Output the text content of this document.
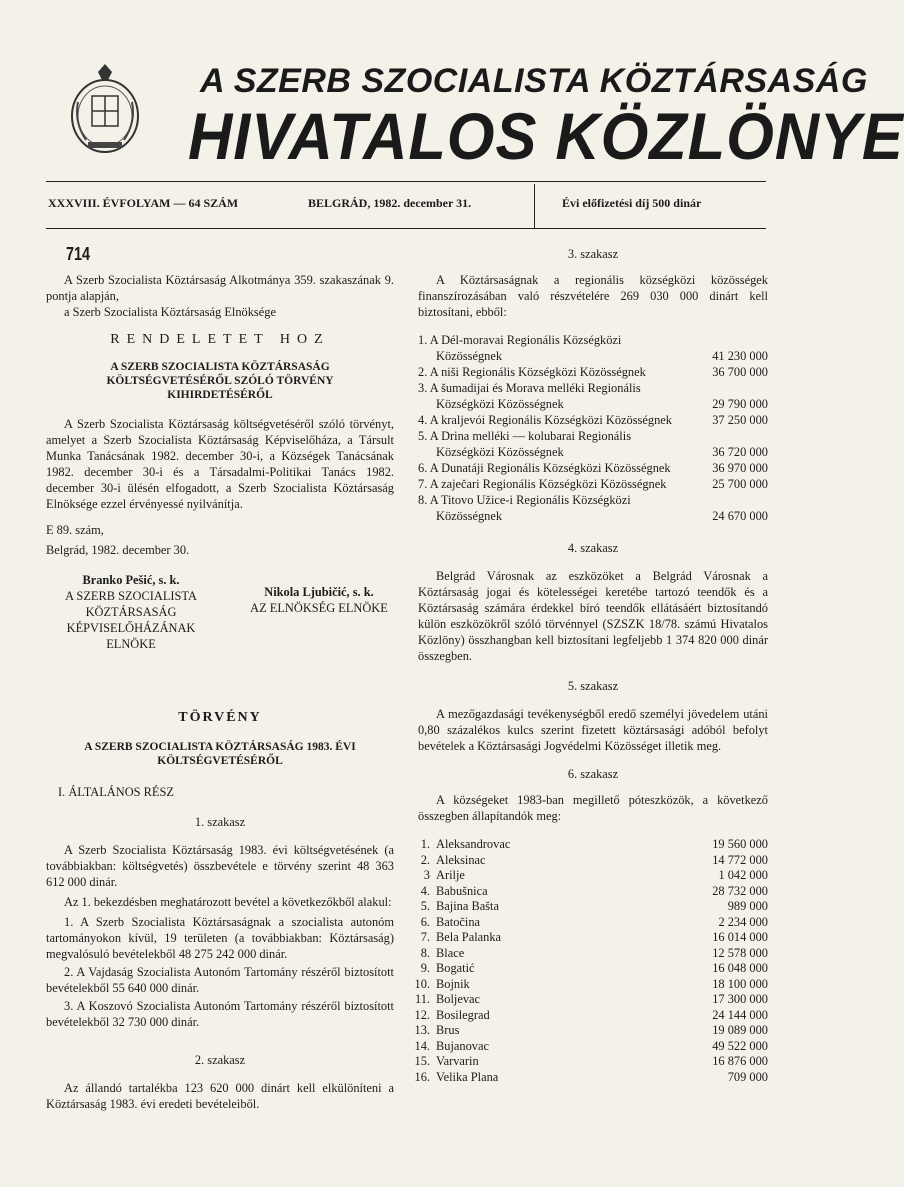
A SZERB SZOCIALISTA KÖZTÁRSASÁG
HIVATALOS KÖZLÖNYE
XXXVIII. ÉVFOLYAM — 64 SZÁM	BELGRÁD, 1982. december 31.	Évi előfizetési díj 500 dinár
714

A Szerb Szocialista Köztársaság Alkotmánya 359. szakaszának 9. pontja alapján,

a Szerb Szocialista Köztársaság Elnöksége

RENDELETET HOZ
A SZERB SZOCIALISTA KÖZTÁRSASÁG KÖLTSÉGVETÉSÉRŐL SZÓLÓ TÖRVÉNY KIHIRDETÉSÉRŐL

A Szerb Szocialista Köztársaság költségvetéséről szóló törvényt, amelyet a Szerb Szocialista Köztársaság Képviselőháza, a Társult Munka Tanácsának 1982. december 30-i, a Községek Tanácsának 1982. december 30-i és a Társadalmi-Politikai Tanács 1982. december 30-i ülésén elfogadott, a Szerb Szocialista Köztársaság Elnöksége ezzel érvényessé nyilvánítja.

E 89. szám,

Belgrád, 1982. december 30.

Branko Pešić, s. k.
A SZERB SZOCIALISTA KÖZTÁRSASÁG KÉPVISELŐHÁZÁNAK ELNÖKE
Nikola Ljubičić, s. k.
AZ ELNÖKSÉG ELNÖKE
TÖRVÉNY
A SZERB SZOCIALISTA KÖZTÁRSASÁG 1983. ÉVI KÖLTSÉGVETÉSÉRŐL

I. ÁLTALÁNOS RÉSZ

1. szakasz

A Szerb Szocialista Köztársaság 1983. évi költségvetésének (a továbbiakban: költségvetés) összbevétele e törvény szerint 48 363 612 000 dinár.

Az 1. bekezdésben meghatározott bevétel a következőkből alakul:

1. A Szerb Szocialista Köztársaságnak a szocialista autonóm tartományokon kívül, 19 területen (a továbbiakban: Köztársaság) megvalósuló bevételekből 48 275 242 000 dinár.

2. A Vajdaság Szocialista Autonóm Tartomány részéről biztosított bevételekből 55 640 000 dinár.

3. A Koszovó Szocialista Autonóm Tartomány részéről biztosított bevételekből 32 730 000 dinár.

2. szakasz

Az állandó tartalékba 123 620 000 dinárt kell elkülöníteni a Köztársaság 1983. évi eredeti bevételeiből.

3. szakasz

A Köztársaságnak a regionális községközi közösségek finanszírozásában való részvételére 269 030 000 dinárt kell biztosítani, ebből:

1. A Dél-moravai Regionális Községközi Közösségnek	41 230 000
2. A niši Regionális Községközi Közösségnek	36 700 000
3. A šumadijai és Morava melléki Regionális Községközi Közösségnek	29 790 000
4. A kraljevói Regionális Községközi Közösségnek	37 250 000
5. A Drina melléki — kolubarai Regionális Községközi Közösségnek	36 720 000
6. A Dunatáji Regionális Községközi Közösségnek	36 970 000
7. A zaječari Regionális Községközi Közösségnek	25 700 000
8. A Titovo Užice-i Regionális Községközi Közösségnek	24 670 000

4. szakasz

Belgrád Városnak az eszközöket a Belgrád Városnak a Köztársaság jogai és kötelességei keretébe tartozó teendők és a Köztársaság számára érdekkel bíró teendők ellátásáért biztosítandó külön eszközökről szóló törvénnyel (SZSZK 18/78. számú Hivatalos Közlöny) összhangban kell biztosítani legfeljebb 1 374 820 000 dinár összegben.

5. szakasz

A mezőgazdasági tevékenységből eredő személyi jövedelem utáni 0,80 százalékos kulcs szerint fizetett köztársasági adóból befolyt bevételek a Köztársasági Jogvédelmi Közösséget illetik meg.

6. szakasz

A községeket 1983-ban megillető póteszközök, a következő összegben állapítandók meg:

1. Aleksandrovac	19 560 000
2. Aleksinac	14 772 000
3 Arilje	1 042 000
4. Babušnica	28 732 000
5. Bajina Bašta	989 000
6. Batočina	2 234 000
7. Bela Palanka	16 014 000
8. Blace	12 578 000
9. Bogatić	16 048 000
10. Bojnik	18 100 000
11. Boljevac	17 300 000
12. Bosilegrad	24 144 000
13. Brus	19 089 000
14. Bujanovac	49 522 000
15. Varvarin	16 876 000
16. Velika Plana	709 000
